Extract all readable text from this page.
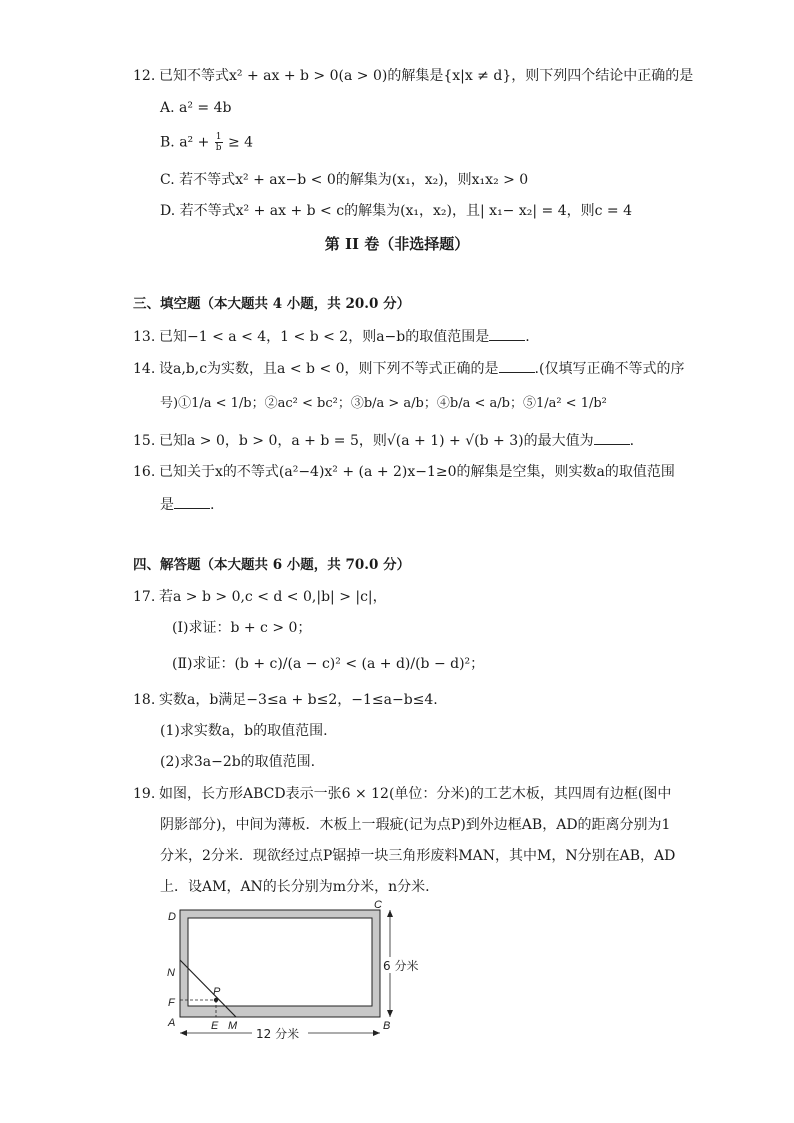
12. 已知不等式x² + ax + b > 0(a > 0)的解集是{x|x ≠ d}，则下列四个结论中正确的是
A. a² = 4b
B. $a^2 + \frac{1}{b} \ge 4$
C. 若不等式x² + ax−b < 0的解集为(x₁，x₂)，则x₁x₂ > 0
D. 若不等式x² + ax + b < c的解集为(x₁，x₂)，且| x₁− x₂| = 4，则c = 4
第 II 卷（非选择题）
三、填空题（本大题共 4 小题，共 20.0 分）
13. 已知−1 < a < 4，1 < b < 2，则a−b的取值范围是	.
14. 设a,b,c为实数，且a < b < 0，则下列不等式正确的是	.(仅填写正确不等式的序
号)①1/a < 1/b；②ac² < bc²；③b/a > a/b；④b/a < a/b；⑤1/a² < 1/b²
15. 已知a > 0，b > 0，a + b = 5，则√(a + 1) + √(b + 3)的最大值为	.
16. 已知关于x的不等式(a²−4)x² + (a + 2)x−1≥0的解集是空集，则实数a的取值范围
是	.
四、解答题（本大题共 6 小题，共 70.0 分）
17. 若a > b > 0,c < d < 0,|b| > |c|，
(Ⅰ)求证：b + c > 0；
(Ⅱ)求证：(b + c)/(a − c)² < (a + d)/(b − d)²；
18. 实数a，b满足−3≤a + b≤2，−1≤a−b≤4.
(1)求实数a，b的取值范围.
(2)求3a−2b的取值范围.
19. 如图，长方形ABCD表示一张6 × 12(单位：分米)的工艺木板，其四周有边框(图中
阴影部分)，中间为薄板．木板上一瑕疵(记为点P)到外边框AB，AD的距离分别为1
分米，2分米．现欲经过点P锯掉一块三角形废料MAN，其中M，N分别在AB，AD
上．设AM，AN的长分别为m分米，n分米.
D
C
N
P
F
A	E M	B
6 分米
12 分米
